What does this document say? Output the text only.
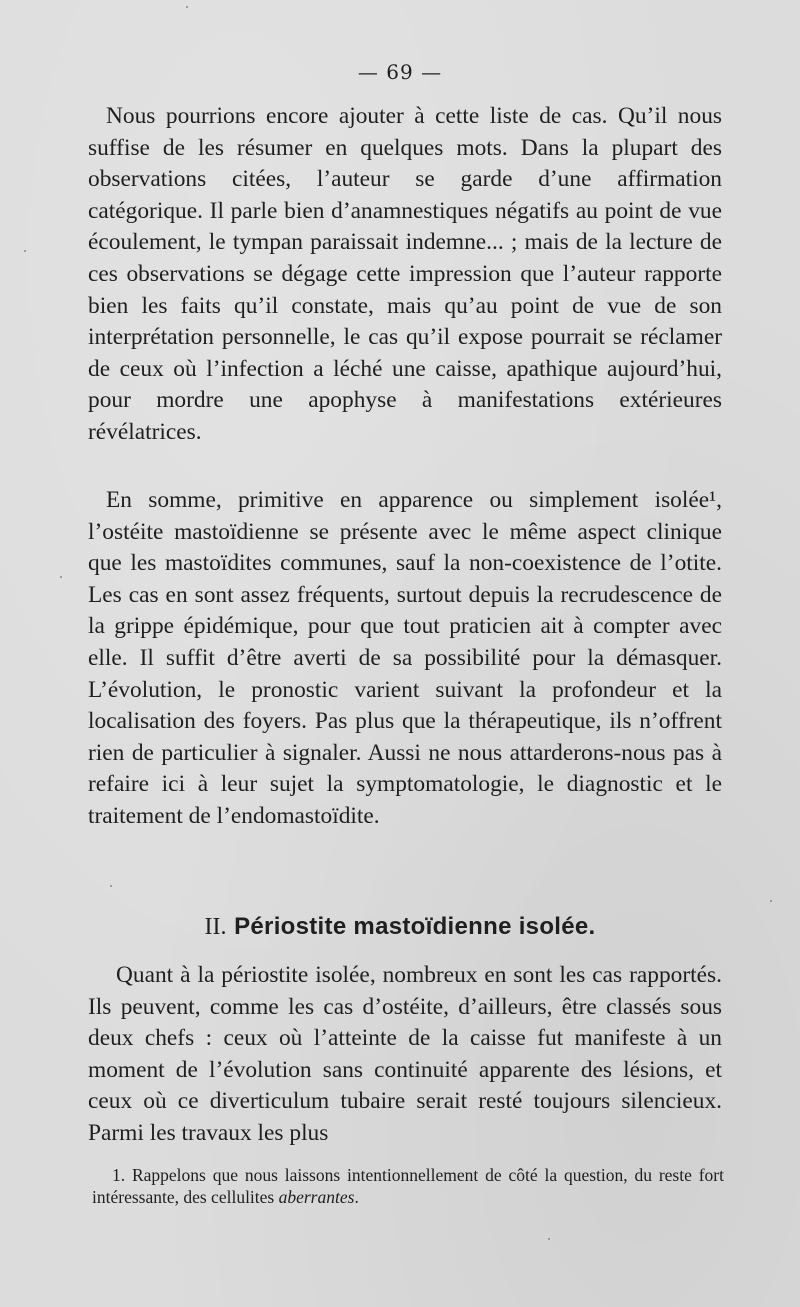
— 69 —

Nous pourrions encore ajouter à cette liste de cas. Qu’il nous suffise de les résumer en quelques mots. Dans la plupart des observations citées, l’auteur se garde d’une affirmation catégorique. Il parle bien d’anamnestiques négatifs au point de vue écoulement, le tympan paraissait indemne... ; mais de la lecture de ces observations se dégage cette impression que l’auteur rapporte bien les faits qu’il constate, mais qu’au point de vue de son interprétation personnelle, le cas qu’il expose pourrait se réclamer de ceux où l’infection a léché une caisse, apathique aujourd’hui, pour mordre une apophyse à manifestations extérieures révélatrices.

En somme, primitive en apparence ou simplement isolée¹, l’ostéite mastoïdienne se présente avec le même aspect clinique que les mastoïdites communes, sauf la non-coexistence de l’otite. Les cas en sont assez fréquents, surtout depuis la recrudescence de la grippe épidémique, pour que tout praticien ait à compter avec elle. Il suffit d’être averti de sa possibilité pour la démasquer. L’évolution, le pronostic varient suivant la profondeur et la localisation des foyers. Pas plus que la thérapeutique, ils n’offrent rien de particulier à signaler. Aussi ne nous attarderons-nous pas à refaire ici à leur sujet la symptomatologie, le diagnostic et le traitement de l’endomastoïdite.

II. Périostite mastoïdienne isolée.

Quant à la périostite isolée, nombreux en sont les cas rapportés. Ils peuvent, comme les cas d’ostéite, d’ailleurs, être classés sous deux chefs : ceux où l’atteinte de la caisse fut manifeste à un moment de l’évolution sans continuité apparente des lésions, et ceux où ce diverticulum tubaire serait resté toujours silencieux. Parmi les travaux les plus

1. Rappelons que nous laissons intentionnellement de côté la question, du reste fort intéressante, des cellulites aberrantes.
